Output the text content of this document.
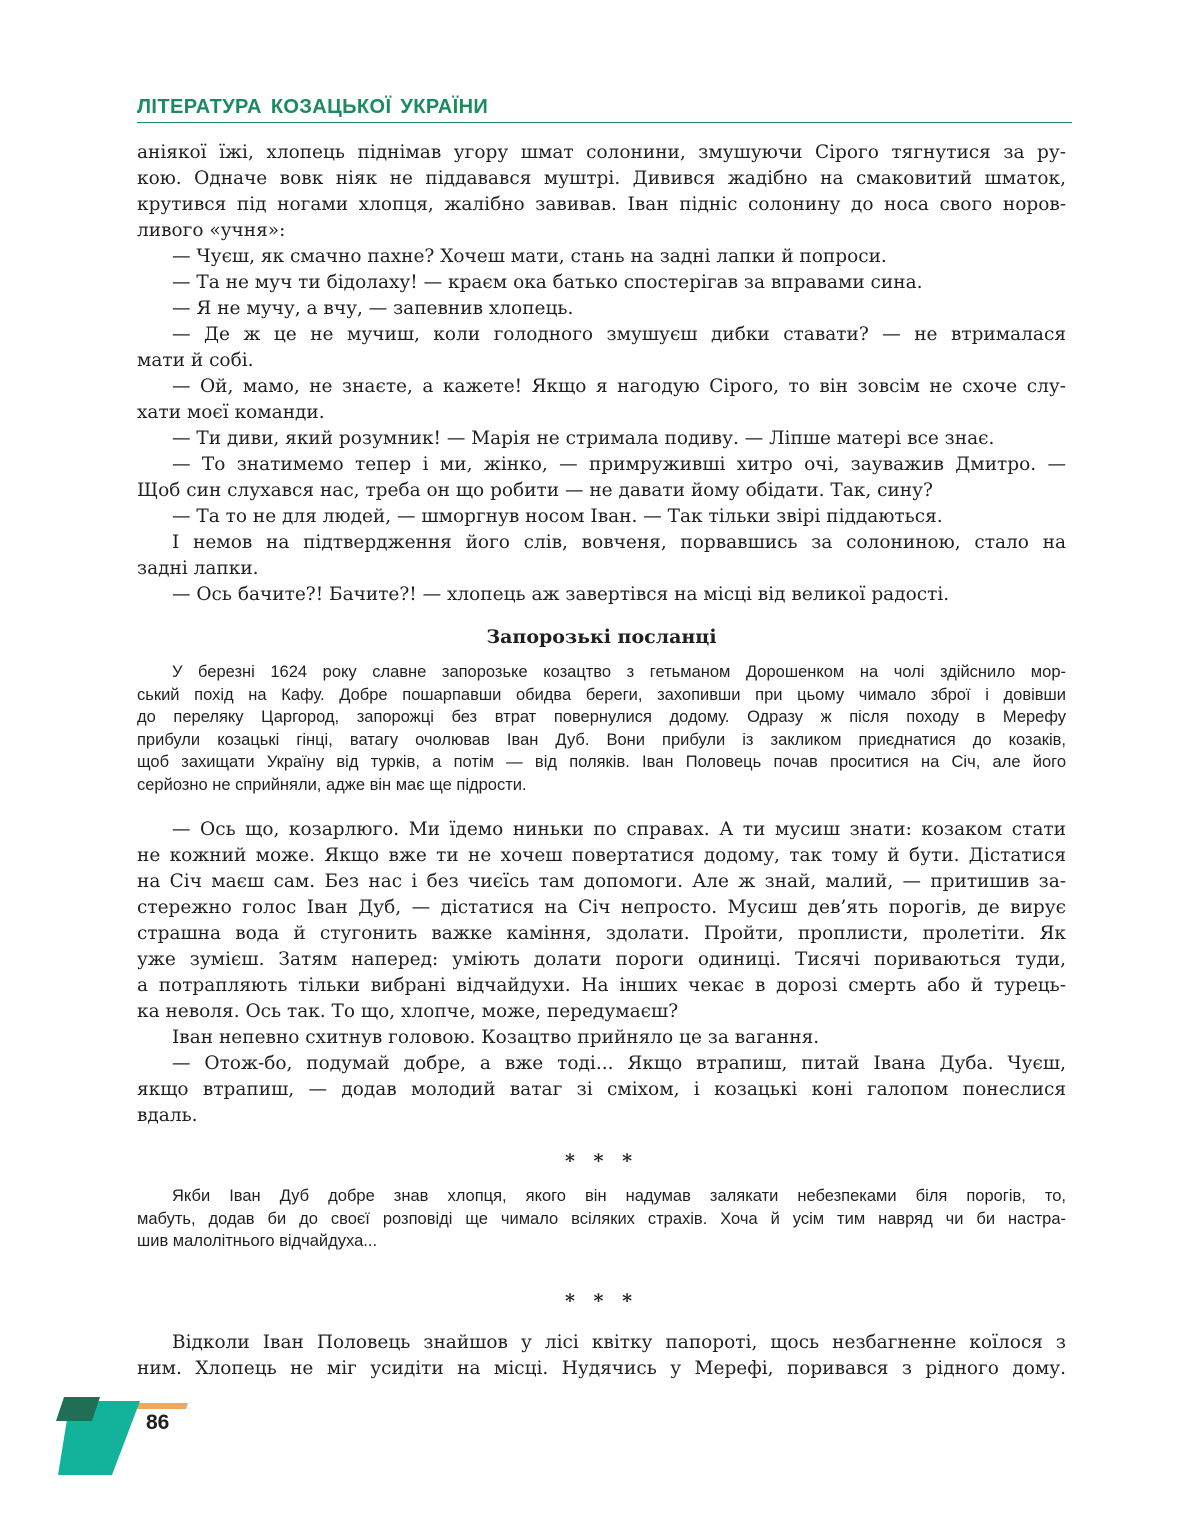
ЛІТЕРАТУРА КОЗАЦЬКОЇ УКРАЇНИ
аніякої їжі, хлопець піднімав угору шмат солонини, змушуючи Сірого тягнутися за ру-
кою. Одначе вовк ніяк не піддавався муштрі. Дивився жадібно на смаковитий шматок,
крутився під ногами хлопця, жалібно завивав. Іван підніс солонину до носа свого норов-
ливого «учня»:
— Чуєш, як смачно пахне? Хочеш мати, стань на задні лапки й попроси.
— Та не муч ти бідолаху! — краєм ока батько спостерігав за вправами сина.
— Я не мучу, а вчу, — запевнив хлопець.
— Де ж це не мучиш, коли голодного змушуєш дибки ставати? — не втрималася
мати й собі.
— Ой, мамо, не знаєте, а кажете! Якщо я нагодую Сірого, то він зовсім не схоче слу-
хати моєї команди.
— Ти диви, який розумник! — Марія не стримала подиву. — Ліпше матері все знає.
— То знатимемо тепер і ми, жінко, — примружившi хитро очі, зауважив Дмитро. —
Щоб син слухався нас, треба он що робити — не давати йому обідати. Так, сину?
— Та то не для людей, — шморгнув носом Іван. — Так тільки звірі піддаються.
І немов на підтвердження його слів, вовченя, порвавшись за солониною, стало на
задні лапки.
— Ось бачите?! Бачите?! — хлопець аж завертівся на місці від великої радості.
Запорозькі посланці
У березні 1624 року славне запорозьке козацтво з гетьманом Дорошенком на чолі здійснило мор-
ський похід на Кафу. Добре пошарпавши обидва береги, захопивши при цьому чимало зброї і довівши
до переляку Царгород, запорожці без втрат повернулися додому. Одразу ж після походу в Мерефу
прибули козацькі гінці, ватагу очолював Іван Дуб. Вони прибули із закликом приєднатися до козаків,
щоб захищати Україну від турків, а потім — від поляків. Іван Половець почав проситися на Січ, але його
серйозно не сприйняли, адже він має ще підрости.
— Ось що, козарлюго. Ми їдемо ниньки по справах. А ти мусиш знати: козаком стати
не кожний може. Якщо вже ти не хочеш повертатися додому, так тому й бути. Дістатися
на Січ маєш сам. Без нас і без чиєїсь там допомоги. Але ж знай, малий, — притишив за-
стережно голос Іван Дуб, — дістатися на Січ непросто. Мусиш дев’ять порогів, де вирує
страшна вода й стугонить важке каміння, здолати. Пройти, проплисти, пролетіти. Як
уже зумієш. Затям наперед: уміють долати пороги одиниці. Тисячі пориваються туди,
а потрапляють тільки вибрані відчайдухи. На інших чекає в дорозі смерть або й турець-
ка неволя. Ось так. То що, хлопче, може, передумаєш?
Іван непевно схитнув головою. Козацтво прийняло це за вагання.
— Отож-бо, подумай добре, а вже тоді... Якщо втрапиш, питай Івана Дуба. Чуєш,
якщо втрапиш, — додав молодий ватаг зі сміхом, і козацькі коні галопом понеслися
вдаль.
* * *
Якби Іван Дуб добре знав хлопця, якого він надумав залякати небезпеками біля порогів, то,
мабуть, додав би до своєї розповіді ще чимало всіляких страхів. Хоча й усім тим навряд чи би настра-
шив малолітнього відчайдуха...
* * *
Відколи Іван Половець знайшов у лісі квітку папороті, щось незбагненне коїлося з
ним. Хлопець не міг усидіти на місці. Нудячись у Мерефі, поривався з рідного дому.
86
